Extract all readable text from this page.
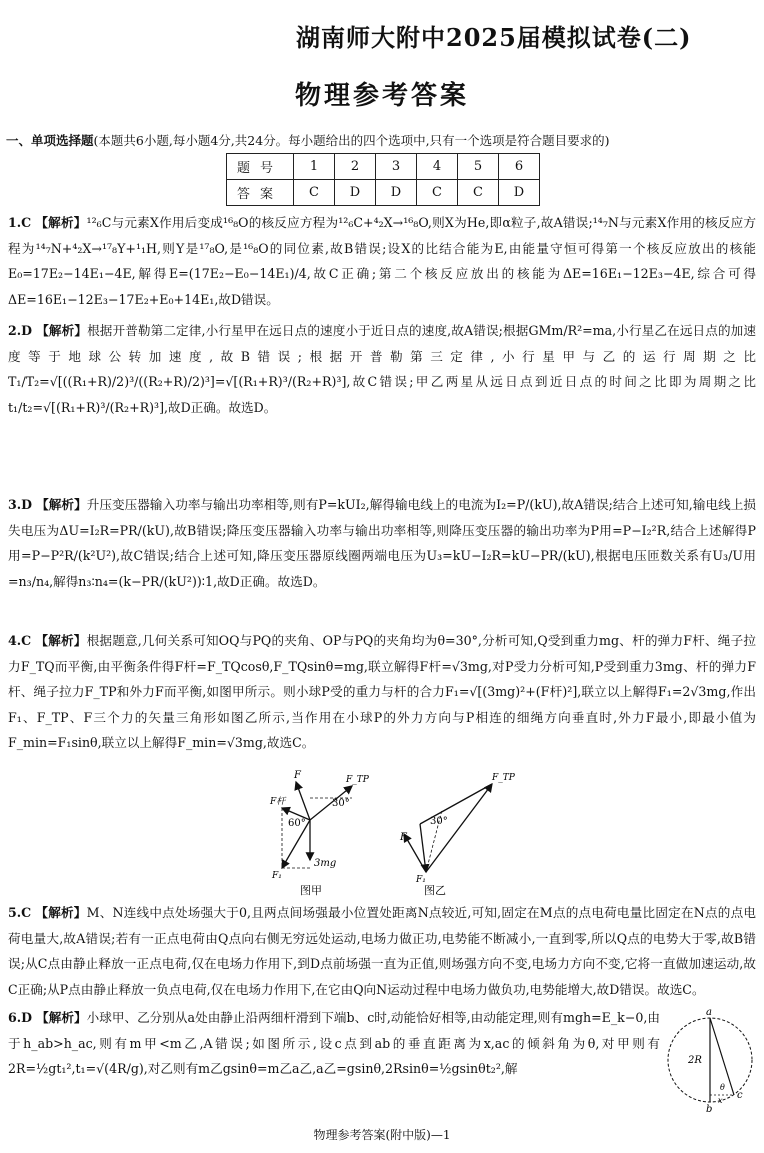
湖南师大附中2025届模拟试卷(二)
物理参考答案
一、单项选择题(本题共6小题,每小题4分,共24分。每小题给出的四个选项中,只有一个选项是符合题目要求的)
题号	1	2	3	4	5	6
答案	C	D	D	C	C	D
1.C 【解析】¹²₆C与元素X作用后变成¹⁶₈O的核反应方程为¹²₆C+⁴₂X→¹⁶₈O,则X为He,即α粒子,故A错误;¹⁴₇N与元素X作用的核反应方程为¹⁴₇N+⁴₂X→¹⁷₈Y+¹₁H,则Y是¹⁷₈O,是¹⁶₈O的同位素,故B错误;设X的比结合能为E,由能量守恒可得第一个核反应放出的核能E₀=17E₂−14E₁−4E,解得E=(17E₂−E₀−14E₁)/4,故C正确;第二个核反应放出的核能为ΔE=16E₁−12E₃−4E,综合可得ΔE=16E₁−12E₃−17E₂+E₀+14E₁,故D错误。
2.D 【解析】根据开普勒第二定律,小行星甲在远日点的速度小于近日点的速度,故A错误;根据GMm/R²=ma,小行星乙在远日点的加速度等于地球公转加速度,故B错误;根据开普勒第三定律,小行星甲与乙的运行周期之比T₁/T₂=√[((R₁+R)/2)³/((R₂+R)/2)³]=√[(R₁+R)³/(R₂+R)³],故C错误;甲乙两星从远日点到近日点的时间之比即为周期之比t₁/t₂=√[(R₁+R)³/(R₂+R)³],故D正确。故选D。
3.D 【解析】升压变压器输入功率与输出功率相等,则有P=kUI₂,解得输电线上的电流为I₂=P/(kU),故A错误;结合上述可知,输电线上损失电压为ΔU=I₂R=PR/(kU),故B错误;降压变压器输入功率与输出功率相等,则降压变压器的输出功率为P用=P−I₂²R,结合上述解得P用=P−P²R/(k²U²),故C错误;结合上述可知,降压变压器原线圈两端电压为U₃=kU−I₂R=kU−PR/(kU),根据电压匝数关系有U₃/U用=n₃/n₄,解得n₃∶n₄=(k−PR/(kU²))∶1,故D正确。故选D。
4.C 【解析】根据题意,几何关系可知OQ与PQ的夹角、OP与PQ的夹角均为θ=30°,分析可知,Q受到重力mg、杆的弹力F杆、绳子拉力F_TQ而平衡,由平衡条件得F杆=F_TQcosθ,F_TQsinθ=mg,联立解得F杆=√3mg,对P受力分析可知,P受到重力3mg、杆的弹力F杆、绳子拉力F_TP和外力F而平衡,如图甲所示。则小球P受的重力与杆的合力F₁=√[(3mg)²+(F杆)²],联立以上解得F₁=2√3mg,作出F₁、F_TP、F三个力的矢量三角形如图乙所示,当作用在小球P的外力方向与P相连的细绳方向垂直时,外力F最小,即最小值为F_min=F₁sinθ,联立以上解得F_min=√3mg,故选C。
F	F_TP
F杆	30°
60°
3mg
F₁
图甲
F_TP
30°
F
F₁
图乙
5.C 【解析】M、N连线中点处场强大于0,且两点间场强最小位置处距离N点较近,可知,固定在M点的点电荷电量比固定在N点的点电荷电量大,故A错误;若有一正点电荷由Q点向右侧无穷远处运动,电场力做正功,电势能不断减小,一直到零,所以Q点的电势大于零,故B错误;从C点由静止释放一正点电荷,仅在电场力作用下,到D点前场强一直为正值,则场强方向不变,电场力方向不变,它将一直做加速运动,故C正确;从P点由静止释放一负点电荷,仅在电场力作用下,在它由Q向N运动过程中电场力做负功,电势能增大,故D错误。故选C。
6.D 【解析】小球甲、乙分别从a处由静止沿两细杆滑到下端b、c时,动能恰好相等,由动能定理,则有mgh=E_k−0,由于h_ab>h_ac,则有m甲<m乙,A错误;如图所示,设c点到ab的垂直距离为x,ac的倾斜角为θ,对甲则有2R=½gt₁²,t₁=√(4R/g),对乙则有m乙gsinθ=m乙a乙,a乙=gsinθ,2Rsinθ=½gsinθt₂²,解
a
b
c
2R
θ
x
物理参考答案(附中版)—1
